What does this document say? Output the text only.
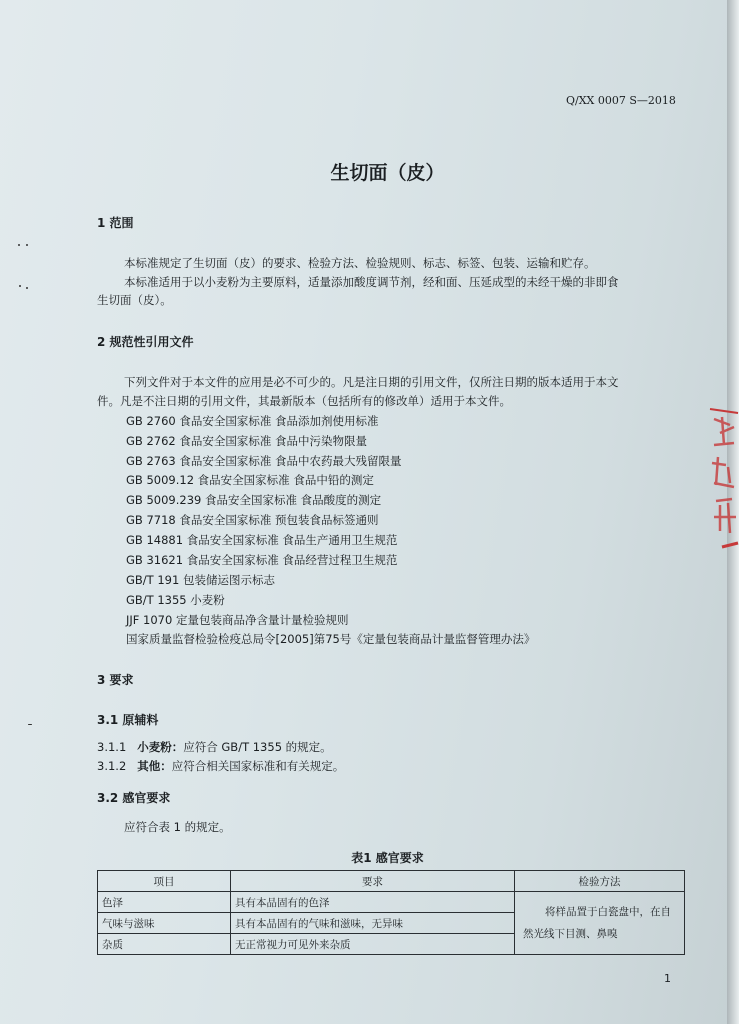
Q/XX 0007 S—2018
生切面（皮）
1 范围
本标准规定了生切面（皮）的要求、检验方法、检验规则、标志、标签、包装、运输和贮存。
本标准适用于以小麦粉为主要原料，适量添加酸度调节剂，经和面、压延成型的未经干燥的非即食
生切面（皮）。
2 规范性引用文件
下列文件对于本文件的应用是必不可少的。凡是注日期的引用文件，仅所注日期的版本适用于本文
件。凡是不注日期的引用文件，其最新版本（包括所有的修改单）适用于本文件。
GB 2760 食品安全国家标准 食品添加剂使用标准
GB 2762 食品安全国家标准 食品中污染物限量
GB 2763 食品安全国家标准 食品中农药最大残留限量
GB 5009.12 食品安全国家标准 食品中铅的测定
GB 5009.239 食品安全国家标准 食品酸度的测定
GB 7718 食品安全国家标准 预包装食品标签通则
GB 14881 食品安全国家标准 食品生产通用卫生规范
GB 31621 食品安全国家标准 食品经营过程卫生规范
GB/T 191 包装储运图示标志
GB/T 1355 小麦粉
JJF 1070 定量包装商品净含量计量检验规则
国家质量监督检验检疫总局令[2005]第75号《定量包装商品计量监督管理办法》
3 要求
3.1 原辅料
3.1.1 小麦粉：应符合 GB/T 1355 的规定。
3.1.2 其他：应符合相关国家标准和有关规定。
3.2 感官要求
应符合表 1 的规定。
表1 感官要求
项目	要求	检验方法
色泽	具有本品固有的色泽	将样品置于白瓷盘中，在自
然光线下目测、鼻嗅

气味与滋味	具有本品固有的气味和滋味，无异味	
杂质	无正常视力可见外来杂质	
1
